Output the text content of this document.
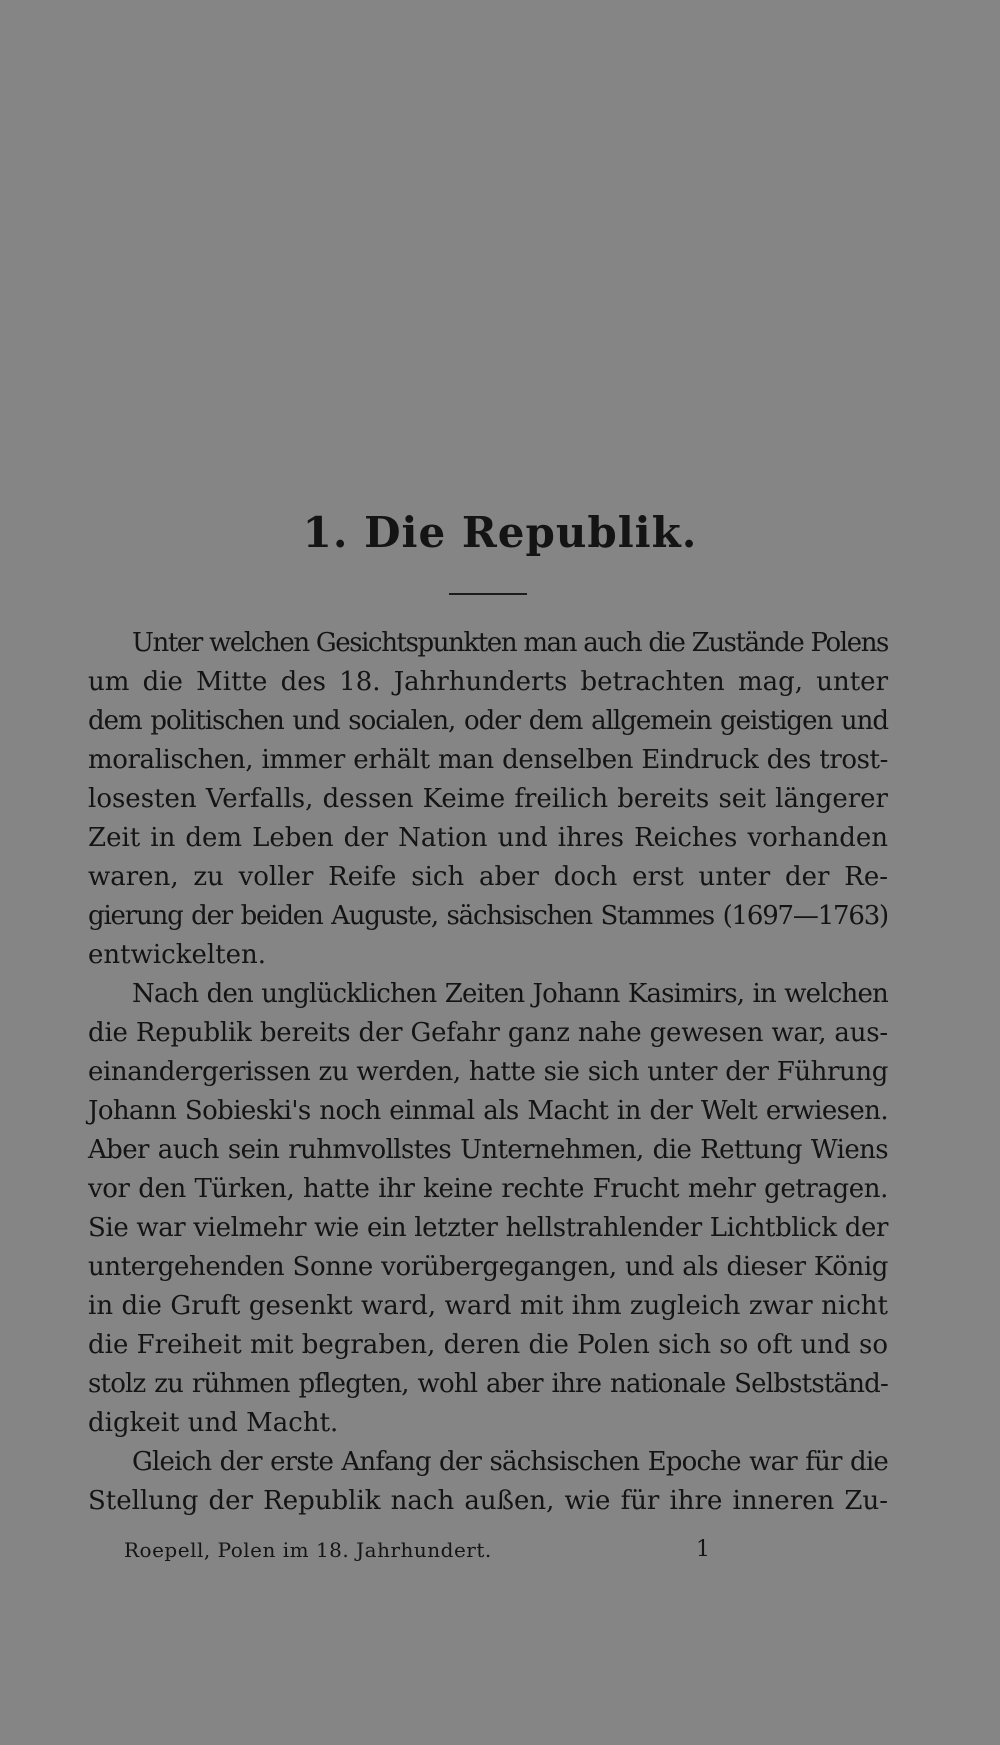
1. Die Republik.

Unter welchen Gesichtspunkten man auch die Zustände Polens
um die Mitte des 18. Jahrhunderts betrachten mag, unter
dem politischen und socialen, oder dem allgemein geistigen und
moralischen, immer erhält man denselben Eindruck des trost-
losesten Verfalls, dessen Keime freilich bereits seit längerer
Zeit in dem Leben der Nation und ihres Reiches vorhanden
waren, zu voller Reife sich aber doch erst unter der Re-
gierung der beiden Auguste, sächsischen Stammes (1697—1763)
entwickelten.

Nach den unglücklichen Zeiten Johann Kasimirs, in welchen
die Republik bereits der Gefahr ganz nahe gewesen war, aus-
einandergerissen zu werden, hatte sie sich unter der Führung
Johann Sobieski's noch einmal als Macht in der Welt erwiesen.
Aber auch sein ruhmvollstes Unternehmen, die Rettung Wiens
vor den Türken, hatte ihr keine rechte Frucht mehr getragen.
Sie war vielmehr wie ein letzter hellstrahlender Lichtblick der
untergehenden Sonne vorübergegangen, und als dieser König
in die Gruft gesenkt ward, ward mit ihm zugleich zwar nicht
die Freiheit mit begraben, deren die Polen sich so oft und so
stolz zu rühmen pflegten, wohl aber ihre nationale Selbstständ-
digkeit und Macht.

Gleich der erste Anfang der sächsischen Epoche war für die
Stellung der Republik nach außen, wie für ihre inneren Zu-

Roepell, Polen im 18. Jahrhundert.	1
